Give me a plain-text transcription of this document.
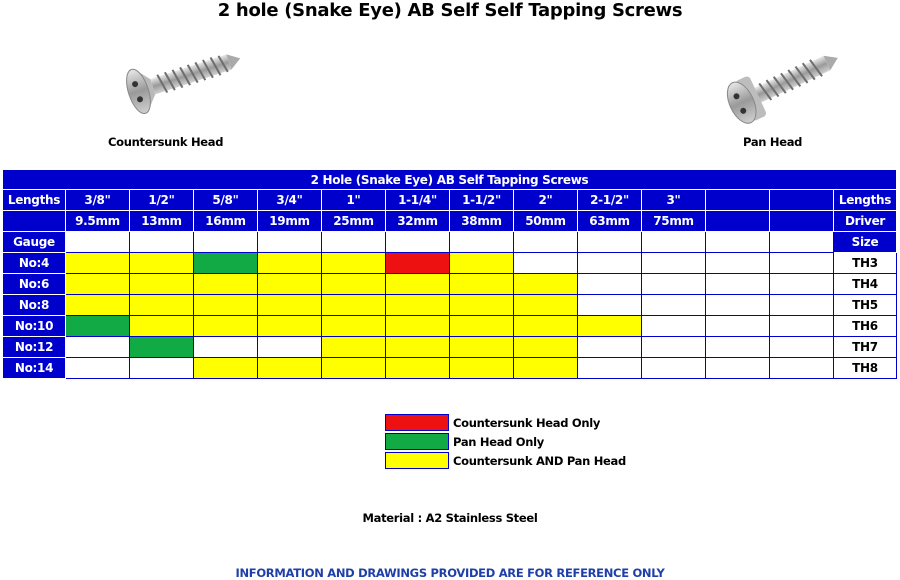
2 hole (Snake Eye) AB Self Self Tapping Screws
Countersunk Head	Pan Head
2 Hole (Snake Eye) AB Self Tapping Screws													
Lengths	3/8"	1/2"	5/8"	3/4"	1"	1-1/4"	1-1/2"	2"	2-1/2"	3"			Lengths
	9.5mm	13mm	16mm	19mm	25mm	32mm	38mm	50mm	63mm	75mm			Driver
Gauge													Size
No:4													TH3
No:6													TH4
No:8													TH5
No:10													TH6
No:12													TH7
No:14													TH8
Countersunk Head Only
Pan Head Only
Countersunk AND Pan Head
Material : A2 Stainless Steel
INFORMATION AND DRAWINGS PROVIDED ARE FOR REFERENCE ONLY
